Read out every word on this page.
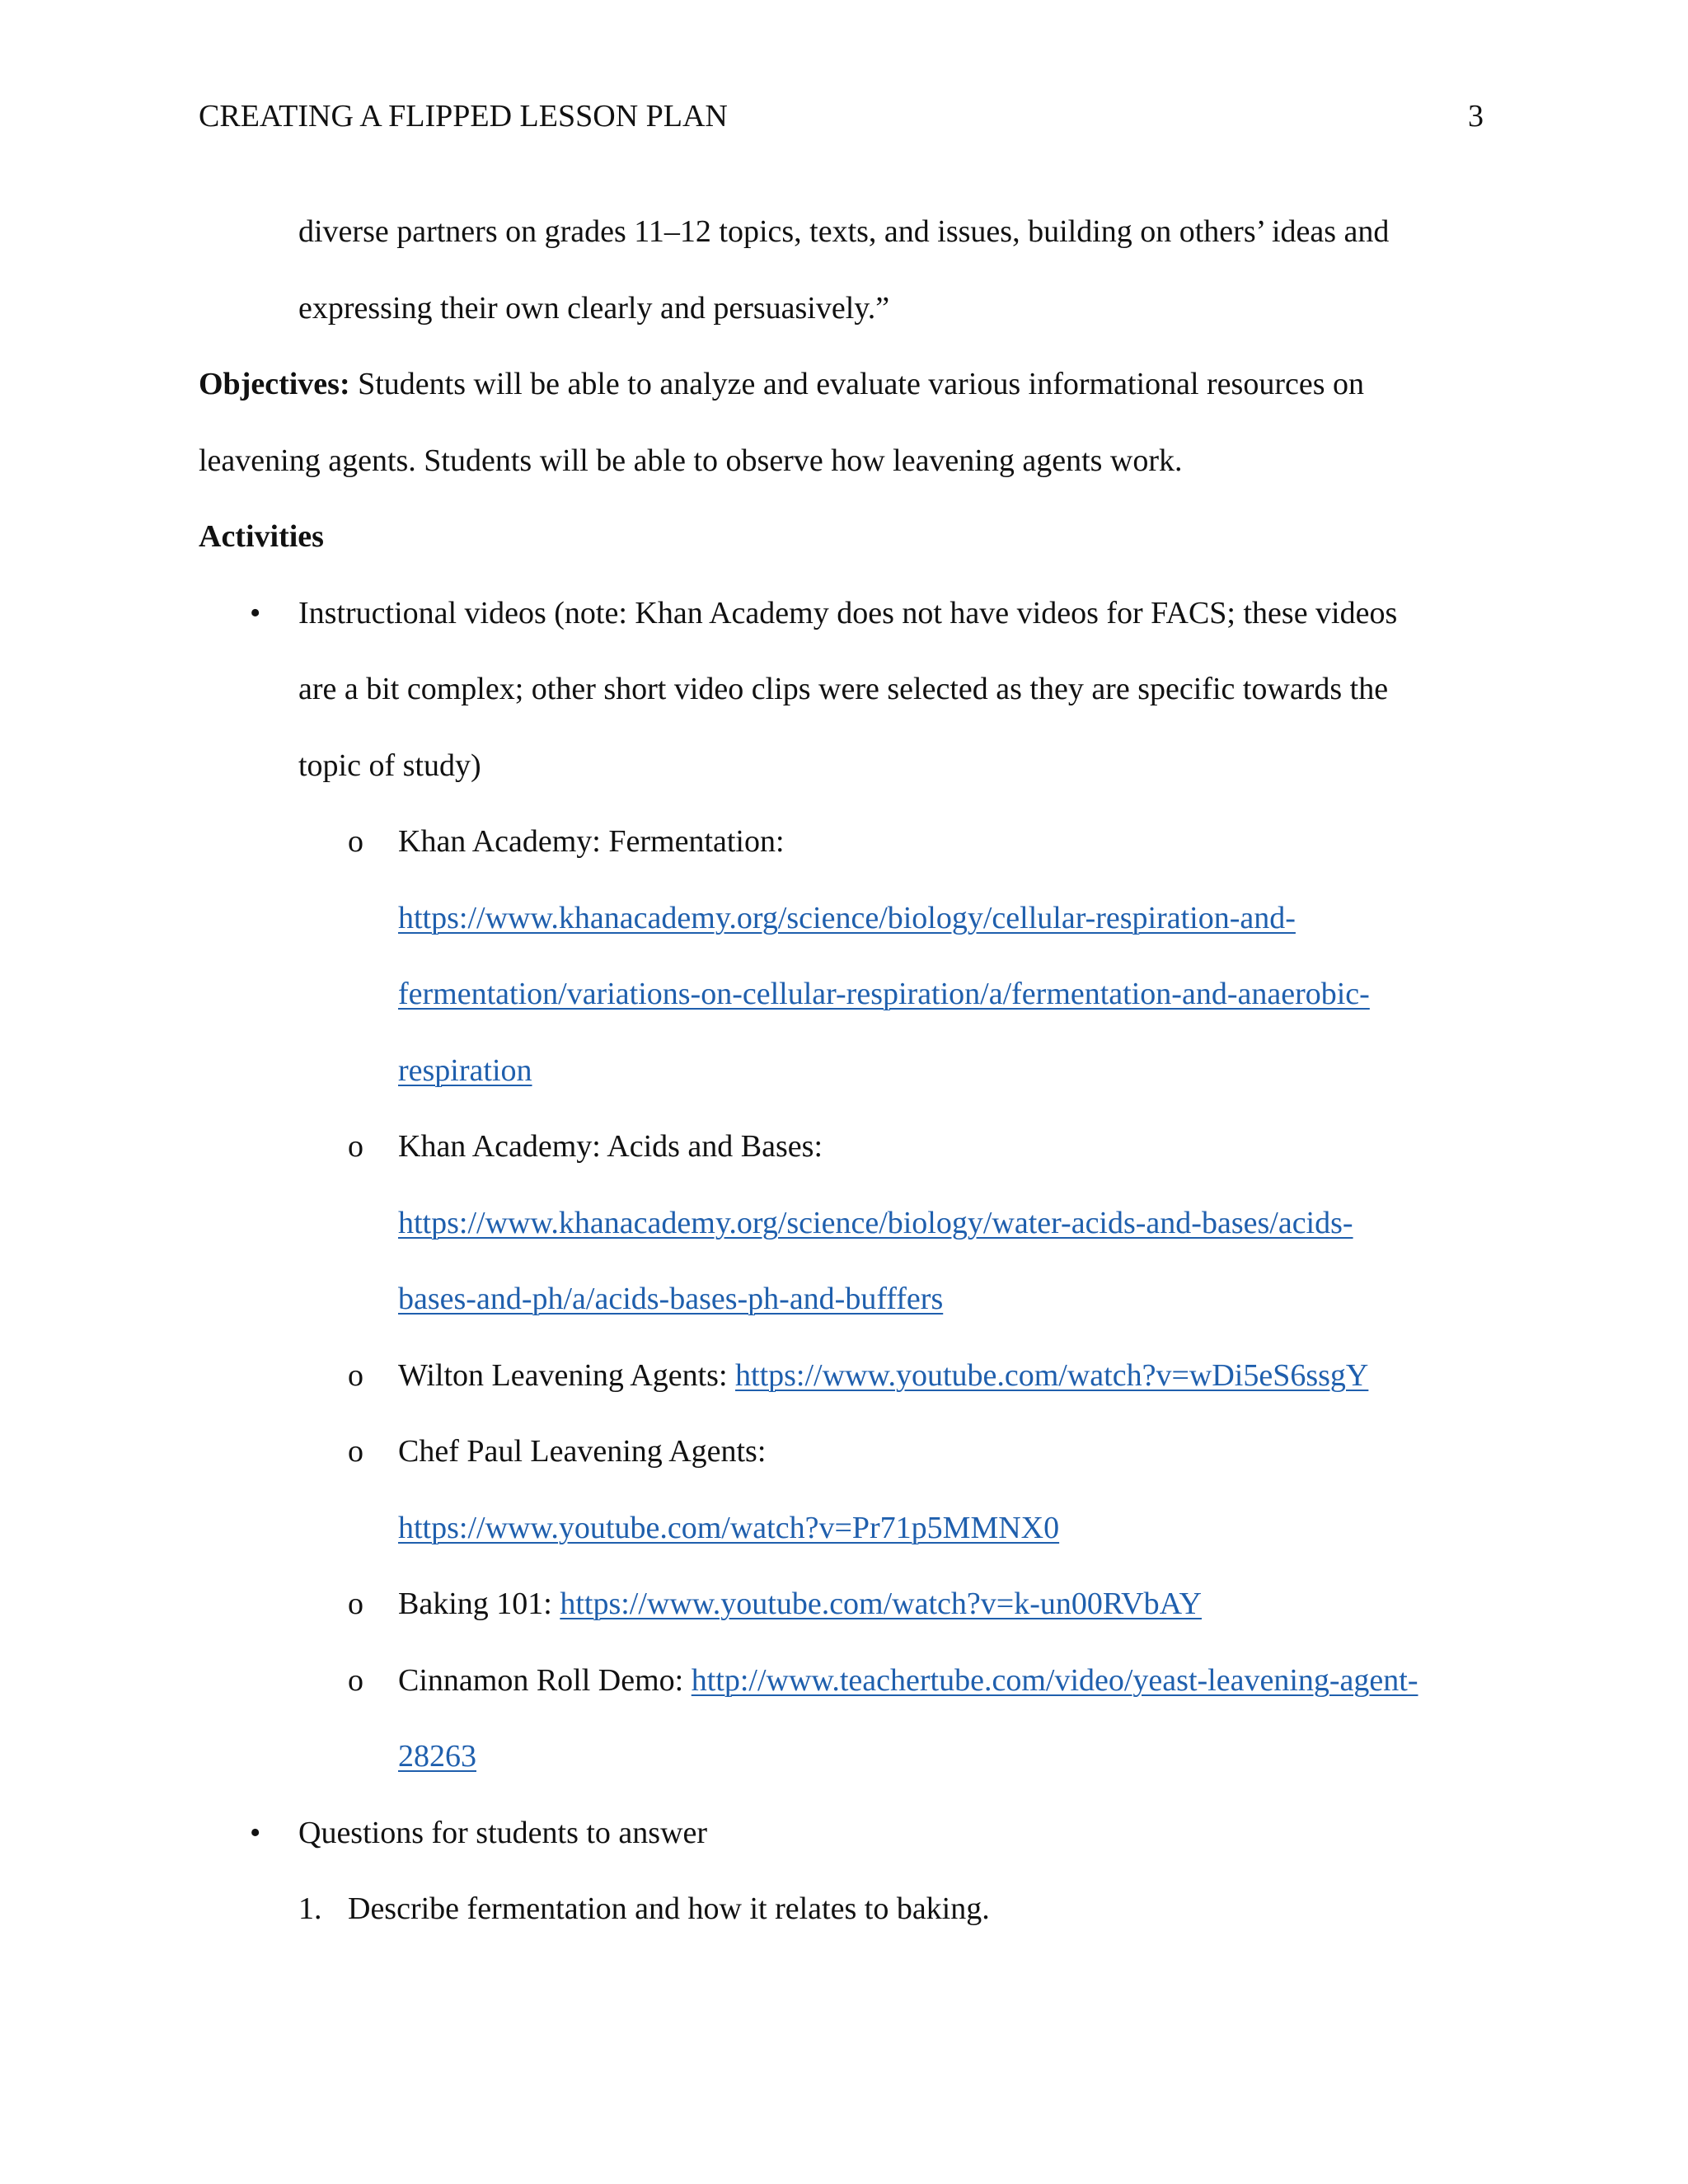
CREATING A FLIPPED LESSON PLAN	3
diverse partners on grades 11–12 topics, texts, and issues, building on others’ ideas and
expressing their own clearly and persuasively.”
Objectives: Students will be able to analyze and evaluate various informational resources on
leavening agents. Students will be able to observe how leavening agents work.
Activities
• Instructional videos (note: Khan Academy does not have videos for FACS; these videos
are a bit complex; other short video clips were selected as they are specific towards the
topic of study)
o Khan Academy: Fermentation:
https://www.khanacademy.org/science/biology/cellular-respiration-and-
fermentation/variations-on-cellular-respiration/a/fermentation-and-anaerobic-
respiration
o Khan Academy: Acids and Bases:
https://www.khanacademy.org/science/biology/water-acids-and-bases/acids-
bases-and-ph/a/acids-bases-ph-and-bufffers
o Wilton Leavening Agents: https://www.youtube.com/watch?v=wDi5eS6ssgY
o Chef Paul Leavening Agents:
https://www.youtube.com/watch?v=Pr71p5MMNX0
o Baking 101: https://www.youtube.com/watch?v=k-un00RVbAY
o Cinnamon Roll Demo: http://www.teachertube.com/video/yeast-leavening-agent-
28263
• Questions for students to answer
1. Describe fermentation and how it relates to baking.
